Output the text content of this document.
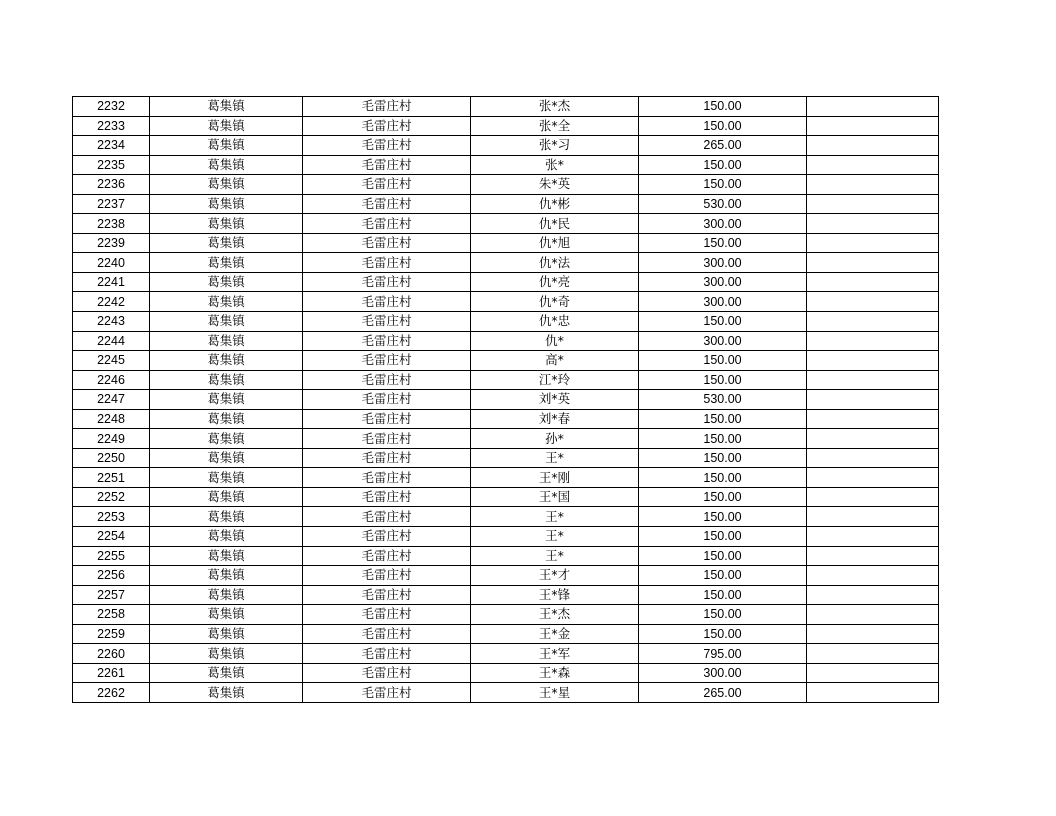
2232	葛集镇	毛雷庄村	张*杰	150.00	
2233	葛集镇	毛雷庄村	张*全	150.00	
2234	葛集镇	毛雷庄村	张*习	265.00	
2235	葛集镇	毛雷庄村	张*	150.00	
2236	葛集镇	毛雷庄村	朱*英	150.00	
2237	葛集镇	毛雷庄村	仇*彬	530.00	
2238	葛集镇	毛雷庄村	仇*民	300.00	
2239	葛集镇	毛雷庄村	仇*旭	150.00	
2240	葛集镇	毛雷庄村	仇*法	300.00	
2241	葛集镇	毛雷庄村	仇*亮	300.00	
2242	葛集镇	毛雷庄村	仇*奇	300.00	
2243	葛集镇	毛雷庄村	仇*忠	150.00	
2244	葛集镇	毛雷庄村	仇*	300.00	
2245	葛集镇	毛雷庄村	高*	150.00	
2246	葛集镇	毛雷庄村	江*玲	150.00	
2247	葛集镇	毛雷庄村	刘*英	530.00	
2248	葛集镇	毛雷庄村	刘*春	150.00	
2249	葛集镇	毛雷庄村	孙*	150.00	
2250	葛集镇	毛雷庄村	王*	150.00	
2251	葛集镇	毛雷庄村	王*刚	150.00	
2252	葛集镇	毛雷庄村	王*国	150.00	
2253	葛集镇	毛雷庄村	王*	150.00	
2254	葛集镇	毛雷庄村	王*	150.00	
2255	葛集镇	毛雷庄村	王*	150.00	
2256	葛集镇	毛雷庄村	王*才	150.00	
2257	葛集镇	毛雷庄村	王*锋	150.00	
2258	葛集镇	毛雷庄村	王*杰	150.00	
2259	葛集镇	毛雷庄村	王*金	150.00	
2260	葛集镇	毛雷庄村	王*军	795.00	
2261	葛集镇	毛雷庄村	王*森	300.00	
2262	葛集镇	毛雷庄村	王*星	265.00	
